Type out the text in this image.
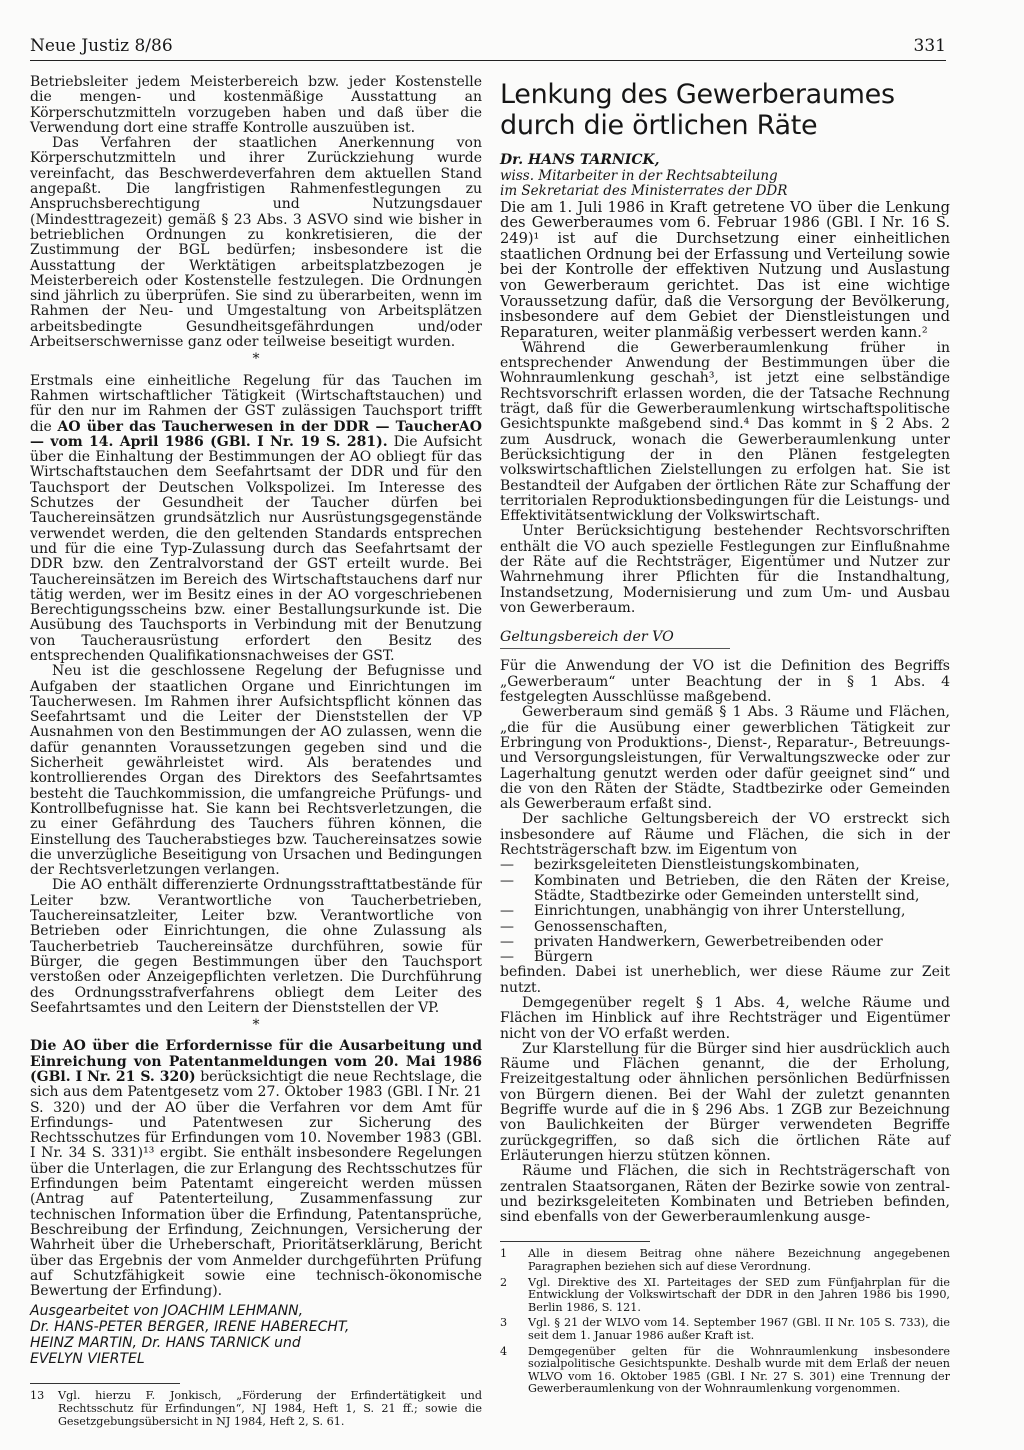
Neue Justiz 8/86	331

Betriebsleiter jedem Meisterbereich bzw. jeder Kostenstelle die mengen- und kostenmäßige Ausstattung an Körperschutzmitteln vorzugeben haben und daß über die Verwendung dort eine straffe Kontrolle auszuüben ist.

Das Verfahren der staatlichen Anerkennung von Körperschutzmitteln und ihrer Zurückziehung wurde vereinfacht, das Beschwerdeverfahren dem aktuellen Stand angepaßt. Die langfristigen Rahmenfestlegungen zu Anspruchsberechtigung und Nutzungsdauer (Mindesttragezeit) gemäß § 23 Abs. 3 ASVO sind wie bisher in betrieblichen Ordnungen zu konkretisieren, die der Zustimmung der BGL bedürfen; insbesondere ist die Ausstattung der Werktätigen arbeitsplatzbezogen je Meisterbereich oder Kostenstelle festzulegen. Die Ordnungen sind jährlich zu überprüfen. Sie sind zu überarbeiten, wenn im Rahmen der Neu- und Umgestaltung von Arbeitsplätzen arbeitsbedingte Gesundheitsgefährdungen und/oder Arbeitserschwernisse ganz oder teilweise beseitigt wurden.

*

Erstmals eine einheitliche Regelung für das Tauchen im Rahmen wirtschaftlicher Tätigkeit (Wirtschaftstauchen) und für den nur im Rahmen der GST zulässigen Tauchsport trifft die AO über das Taucherwesen in der DDR — TaucherAO — vom 14. April 1986 (GBl. I Nr. 19 S. 281). Die Aufsicht über die Einhaltung der Bestimmungen der AO obliegt für das Wirtschaftstauchen dem Seefahrtsamt der DDR und für den Tauchsport der Deutschen Volkspolizei. Im Interesse des Schutzes der Gesundheit der Taucher dürfen bei Tauchereinsätzen grundsätzlich nur Ausrüstungsgegenstände verwendet werden, die den geltenden Standards entsprechen und für die eine Typ-Zulassung durch das Seefahrtsamt der DDR bzw. den Zentralvorstand der GST erteilt wurde. Bei Tauchereinsätzen im Bereich des Wirtschaftstauchens darf nur tätig werden, wer im Besitz eines in der AO vorgeschriebenen Berechtigungsscheins bzw. einer Bestallungsurkunde ist. Die Ausübung des Tauchsports in Verbindung mit der Benutzung von Taucherausrüstung erfordert den Besitz des entsprechenden Qualifikationsnachweises der GST.

Neu ist die geschlossene Regelung der Befugnisse und Aufgaben der staatlichen Organe und Einrichtungen im Taucherwesen. Im Rahmen ihrer Aufsichtspflicht können das Seefahrtsamt und die Leiter der Dienststellen der VP Ausnahmen von den Bestimmungen der AO zulassen, wenn die dafür genannten Voraussetzungen gegeben sind und die Sicherheit gewährleistet wird. Als beratendes und kontrollierendes Organ des Direktors des Seefahrtsamtes besteht die Tauchkommission, die umfangreiche Prüfungs- und Kontrollbefugnisse hat. Sie kann bei Rechtsverletzungen, die zu einer Gefährdung des Tauchers führen können, die Einstellung des Taucherabstieges bzw. Tauchereinsatzes sowie die unverzügliche Beseitigung von Ursachen und Bedingungen der Rechtsverletzungen verlangen.

Die AO enthält differenzierte Ordnungsstrafttatbestände für Leiter bzw. Verantwortliche von Taucherbetrieben, Tauchereinsatzleiter, Leiter bzw. Verantwortliche von Betrieben oder Einrichtungen, die ohne Zulassung als Taucherbetrieb Tauchereinsätze durchführen, sowie für Bürger, die gegen Bestimmungen über den Tauchsport verstoßen oder Anzeigepflichten verletzen. Die Durchführung des Ordnungsstrafverfahrens obliegt dem Leiter des Seefahrtsamtes und den Leitern der Dienststellen der VP.

*

Die AO über die Erfordernisse für die Ausarbeitung und Einreichung von Patentanmeldungen vom 20. Mai 1986 (GBl. I Nr. 21 S. 320) berücksichtigt die neue Rechtslage, die sich aus dem Patentgesetz vom 27. Oktober 1983 (GBl. I Nr. 21 S. 320) und der AO über die Verfahren vor dem Amt für Erfindungs- und Patentwesen zur Sicherung des Rechtsschutzes für Erfindungen vom 10. November 1983 (GBl. I Nr. 34 S. 331)¹³ ergibt. Sie enthält insbesondere Regelungen über die Unterlagen, die zur Erlangung des Rechtsschutzes für Erfindungen beim Patentamt eingereicht werden müssen (Antrag auf Patenterteilung, Zusammenfassung zur technischen Information über die Erfindung, Patentansprüche, Beschreibung der Erfindung, Zeichnungen, Versicherung der Wahrheit über die Urheberschaft, Prioritätserklärung, Bericht über das Ergebnis der vom Anmelder durchgeführten Prüfung auf Schutzfähigkeit sowie eine technisch-ökonomische Bewertung der Erfindung).

Ausgearbeitet von JOACHIM LEHMANN,
Dr. HANS-PETER BERGER, IRENE HABERECHT,
HEINZ MARTIN, Dr. HANS TARNICK und
EVELYN VIERTEL
13	Vgl. hierzu F. Jonkisch, „Förderung der Erfindertätigkeit und Rechtsschutz für Erfindungen“, NJ 1984, Heft 1, S. 21 ff.; sowie die Gesetzgebungsübersicht in NJ 1984, Heft 2, S. 61.
Lenkung des Gewerberaumes
durch die örtlichen Räte
Dr. HANS TARNICK,
wiss. Mitarbeiter in der Rechtsabteilung
im Sekretariat des Ministerrates der DDR

Die am 1. Juli 1986 in Kraft getretene VO über die Lenkung des Gewerberaumes vom 6. Februar 1986 (GBl. I Nr. 16 S. 249)¹ ist auf die Durchsetzung einer einheitlichen staatlichen Ordnung bei der Erfassung und Verteilung sowie bei der Kontrolle der effektiven Nutzung und Auslastung von Gewerberaum gerichtet. Das ist eine wichtige Voraussetzung dafür, daß die Versorgung der Bevölkerung, insbesondere auf dem Gebiet der Dienstleistungen und Reparaturen, weiter planmäßig verbessert werden kann.²

Während die Gewerberaumlenkung früher in entsprechender Anwendung der Bestimmungen über die Wohnraumlenkung geschah³, ist jetzt eine selbständige Rechtsvorschrift erlassen worden, die der Tatsache Rechnung trägt, daß für die Gewerberaumlenkung wirtschaftspolitische Gesichtspunkte maßgebend sind.⁴ Das kommt in § 2 Abs. 2 zum Ausdruck, wonach die Gewerberaumlenkung unter Berücksichtigung der in den Plänen festgelegten volkswirtschaftlichen Zielstellungen zu erfolgen hat. Sie ist Bestandteil der Aufgaben der örtlichen Räte zur Schaffung der territorialen Reproduktionsbedingungen für die Leistungs- und Effektivitätsentwicklung der Volkswirtschaft.

Unter Berücksichtigung bestehender Rechtsvorschriften enthält die VO auch spezielle Festlegungen zur Einflußnahme der Räte auf die Rechtsträger, Eigentümer und Nutzer zur Wahrnehmung ihrer Pflichten für die Instandhaltung, Instandsetzung, Modernisierung und zum Um- und Ausbau von Gewerberaum.

Geltungsbereich der VO

Für die Anwendung der VO ist die Definition des Begriffs „Gewerberaum“ unter Beachtung der in § 1 Abs. 4 festgelegten Ausschlüsse maßgebend.

Gewerberaum sind gemäß § 1 Abs. 3 Räume und Flächen, „die für die Ausübung einer gewerblichen Tätigkeit zur Erbringung von Produktions-, Dienst-, Reparatur-, Betreuungs- und Versorgungsleistungen, für Verwaltungszwecke oder zur Lagerhaltung genutzt werden oder dafür geeignet sind“ und die von den Räten der Städte, Stadtbezirke oder Gemeinden als Gewerberaum erfaßt sind.

Der sachliche Geltungsbereich der VO erstreckt sich insbesondere auf Räume und Flächen, die sich in der Rechtsträgerschaft bzw. im Eigentum von

—	bezirksgeleiteten Dienstleistungskombinaten,
—	Kombinaten und Betrieben, die den Räten der Kreise, Städte, Stadtbezirke oder Gemeinden unterstellt sind,
—	Einrichtungen, unabhängig von ihrer Unterstellung,
—	Genossenschaften,
—	privaten Handwerkern, Gewerbetreibenden oder
—	Bürgern

befinden. Dabei ist unerheblich, wer diese Räume zur Zeit nutzt.

Demgegenüber regelt § 1 Abs. 4, welche Räume und Flächen im Hinblick auf ihre Rechtsträger und Eigentümer nicht von der VO erfaßt werden.

Zur Klarstellung für die Bürger sind hier ausdrücklich auch Räume und Flächen genannt, die der Erholung, Freizeitgestaltung oder ähnlichen persönlichen Bedürfnissen von Bürgern dienen. Bei der Wahl der zuletzt genannten Begriffe wurde auf die in § 296 Abs. 1 ZGB zur Bezeichnung von Baulichkeiten der Bürger verwendeten Begriffe zurückgegriffen, so daß sich die örtlichen Räte auf Erläuterungen hierzu stützen können.

Räume und Flächen, die sich in Rechtsträgerschaft von zentralen Staatsorganen, Räten der Bezirke sowie von zentral- und bezirksgeleiteten Kombinaten und Betrieben befinden, sind ebenfalls von der Gewerberaumlenkung ausge-

1	Alle in diesem Beitrag ohne nähere Bezeichnung angegebenen Paragraphen beziehen sich auf diese Verordnung.
2	Vgl. Direktive des XI. Parteitages der SED zum Fünfjahrplan für die Entwicklung der Volkswirtschaft der DDR in den Jahren 1986 bis 1990, Berlin 1986, S. 121.
3	Vgl. § 21 der WLVO vom 14. September 1967 (GBl. II Nr. 105 S. 733), die seit dem 1. Januar 1986 außer Kraft ist.
4	Demgegenüber gelten für die Wohnraumlenkung insbesondere sozialpolitische Gesichtspunkte. Deshalb wurde mit dem Erlaß der neuen WLVO vom 16. Oktober 1985 (GBl. I Nr. 27 S. 301) eine Trennung der Gewerberaumlenkung von der Wohnraumlenkung vorgenommen.
